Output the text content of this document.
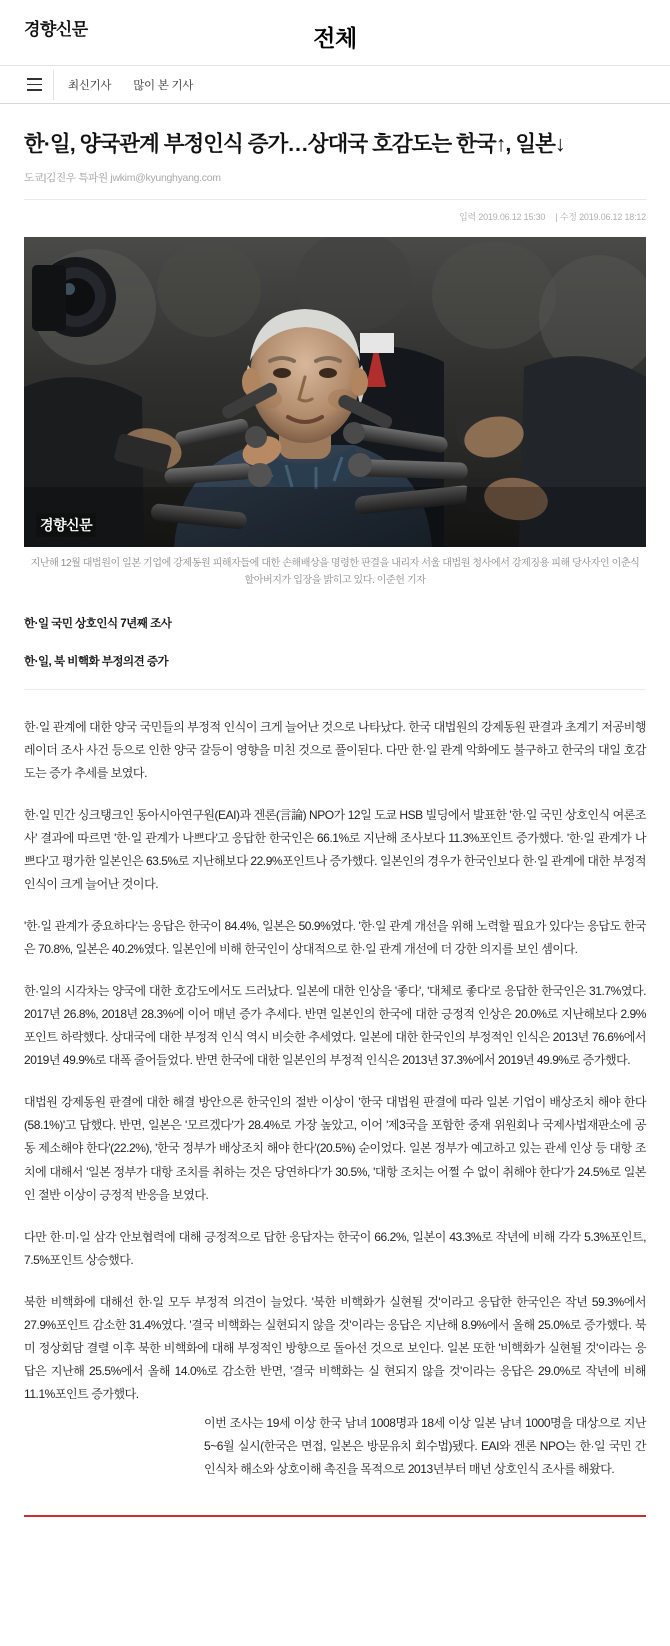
경향신문	전체
최신기사 많이 본 기사
한·일, 양국관계 부정인식 증가…상대국 호감도는 한국↑, 일본↓
도쿄|김진우 특파원 jwkim@kyunghyang.com
입력 2019.06.12 15:30 | 수정 2019.06.12 18:12
경향신문
지난해 12월 대법원이 일본 기업에 강제동원 피해자들에 대한 손해배상을 명령한 판결을 내리자 서울 대법원 청사에서 강제징용 피해 당사자인 이춘식 할아버지가 입장을 밝히고 있다. 이준헌 기자
한·일 국민 상호인식 7년째 조사
한·일, 북 비핵화 부정의견 증가

한·일 관계에 대한 양국 국민들의 부정적 인식이 크게 늘어난 것으로 나타났다. 한국 대법원의 강제동원 판결과 초계기 저공비행레이더 조사 사건 등으로 인한 양국 갈등이 영향을 미친 것으로 풀이된다. 다만 한·일 관계 악화에도 불구하고 한국의 대일 호감도는 증가 추세를 보였다.

한·일 민간 싱크탱크인 동아시아연구원(EAI)과 겐론(言論) NPO가 12일 도쿄 HSB 빌딩에서 발표한 '한·일 국민 상호인식 여론조사' 결과에 따르면 '한·일 관계가 나쁘다'고 응답한 한국인은 66.1%로 지난해 조사보다 11.3%포인트 증가했다. '한·일 관계가 나쁘다'고 평가한 일본인은 63.5%로 지난해보다 22.9%포인트나 증가했다. 일본인의 경우가 한국인보다 한·일 관계에 대한 부정적 인식이 크게 늘어난 것이다.

'한·일 관계가 중요하다'는 응답은 한국이 84.4%, 일본은 50.9%였다. '한·일 관계 개선을 위해 노력할 필요가 있다'는 응답도 한국은 70.8%, 일본은 40.2%였다. 일본인에 비해 한국인이 상대적으로 한·일 관계 개선에 더 강한 의지를 보인 셈이다.

한·일의 시각차는 양국에 대한 호감도에서도 드러났다. 일본에 대한 인상을 '좋다', '대체로 좋다'로 응답한 한국인은 31.7%였다. 2017년 26.8%, 2018년 28.3%에 이어 매년 증가 추세다. 반면 일본인의 한국에 대한 긍정적 인상은 20.0%로 지난해보다 2.9%포인트 하락했다. 상대국에 대한 부정적 인식 역시 비슷한 추세였다. 일본에 대한 한국인의 부정적인 인식은 2013년 76.6%에서 2019년 49.9%로 대폭 줄어들었다. 반면 한국에 대한 일본인의 부정적 인식은 2013년 37.3%에서 2019년 49.9%로 증가했다.

대법원 강제동원 판결에 대한 해결 방안으론 한국인의 절반 이상이 '한국 대법원 판결에 따라 일본 기업이 배상조치 해야 한다(58.1%)'고 답했다. 반면, 일본은 '모르겠다'가 28.4%로 가장 높았고, 이어 '제3국을 포함한 중재 위원회나 국제사법재판소에 공동 제소해야 한다'(22.2%), '한국 정부가 배상조치 해야 한다'(20.5%) 순이었다. 일본 정부가 예고하고 있는 관세 인상 등 대항 조치에 대해서 '일본 정부가 대항 조치를 취하는 것은 당연하다'가 30.5%, '대항 조치는 어쩔 수 없이 취해야 한다'가 24.5%로 일본인 절반 이상이 긍정적 반응을 보였다.

다만 한·미·일 삼각 안보협력에 대해 긍정적으로 답한 응답자는 한국이 66.2%, 일본이 43.3%로 작년에 비해 각각 5.3%포인트, 7.5%포인트 상승했다.

북한 비핵화에 대해선 한·일 모두 부정적 의견이 늘었다. '북한 비핵화가 실현될 것'이라고 응답한 한국인은 작년 59.3%에서 27.9%포인트 감소한 31.4%였다. '결국 비핵화는 실현되지 않을 것'이라는 응답은 지난해 8.9%에서 올해 25.0%로 증가했다. 북미 정상회담 결렬 이후 북한 비핵화에 대해 부정적인 방향으로 돌아선 것으로 보인다. 일본 또한 '비핵화가 실현될 것'이라는 응답은 지난해 25.5%에서 올해 14.0%로 감소한 반면, '결국 비핵화는 실 현되지 않을 것'이라는 응답은 29.0%로 작년에 비해 11.1%포인트 증가했다.

이번 조사는 19세 이상 한국 남녀 1008명과 18세 이상 일본 남녀 1000명을 대상으로 지난 5~6월 실시(한국은 면접, 일본은 방문유치 회수법)됐다. EAI와 겐론 NPO는 한·일 국민 간 인식차 해소와 상호이해 촉진을 목적으로 2013년부터 매년 상호인식 조사를 해왔다.
